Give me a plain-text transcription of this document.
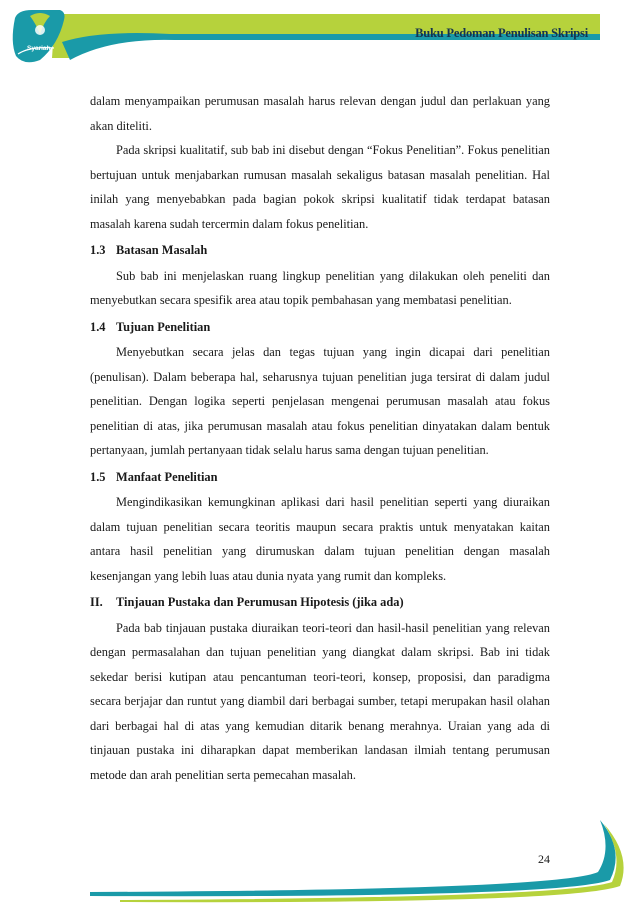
Syariah
Buku Pedoman Penulisan Skripsi

dalam menyampaikan perumusan masalah harus relevan dengan judul dan perlakuan yang akan diteliti.

Pada skripsi kualitatif, sub bab ini disebut dengan “Fokus Penelitian”. Fokus penelitian bertujuan untuk menjabarkan rumusan masalah sekaligus batasan masalah penelitian. Hal inilah yang menyebabkan pada bagian pokok skripsi kualitatif tidak terdapat batasan masalah karena sudah tercermin dalam fokus penelitian.

1.3 Batasan Masalah

Sub bab ini menjelaskan ruang lingkup penelitian yang dilakukan oleh peneliti dan menyebutkan secara spesifik area atau topik pembahasan yang membatasi penelitian.

1.4 Tujuan Penelitian

Menyebutkan secara jelas dan tegas tujuan yang ingin dicapai dari penelitian (penulisan). Dalam beberapa hal, seharusnya tujuan penelitian juga tersirat di dalam judul penelitian. Dengan logika seperti penjelasan mengenai perumusan masalah atau fokus penelitian di atas, jika perumusan masalah atau fokus penelitian dinyatakan dalam bentuk pertanyaan, jumlah pertanyaan tidak selalu harus sama dengan tujuan penelitian.

1.5 Manfaat Penelitian

Mengindikasikan kemungkinan aplikasi dari hasil penelitian seperti yang diuraikan dalam tujuan penelitian secara teoritis maupun secara praktis untuk menyatakan kaitan antara hasil penelitian yang dirumuskan dalam tujuan penelitian dengan masalah kesenjangan yang lebih luas atau dunia nyata yang rumit dan kompleks.

II. Tinjauan Pustaka dan Perumusan Hipotesis (jika ada)

Pada bab tinjauan pustaka diuraikan teori-teori dan hasil-hasil penelitian yang relevan dengan permasalahan dan tujuan penelitian yang diangkat dalam skripsi. Bab ini tidak sekedar berisi kutipan atau pencantuman teori-teori, konsep, proposisi, dan paradigma secara berjajar dan runtut yang diambil dari berbagai sumber, tetapi merupakan hasil olahan dari berbagai hal di atas yang kemudian ditarik benang merahnya. Uraian yang ada di tinjauan pustaka ini diharapkan dapat memberikan landasan ilmiah tentang perumusan metode dan arah penelitian serta pemecahan masalah.

24
